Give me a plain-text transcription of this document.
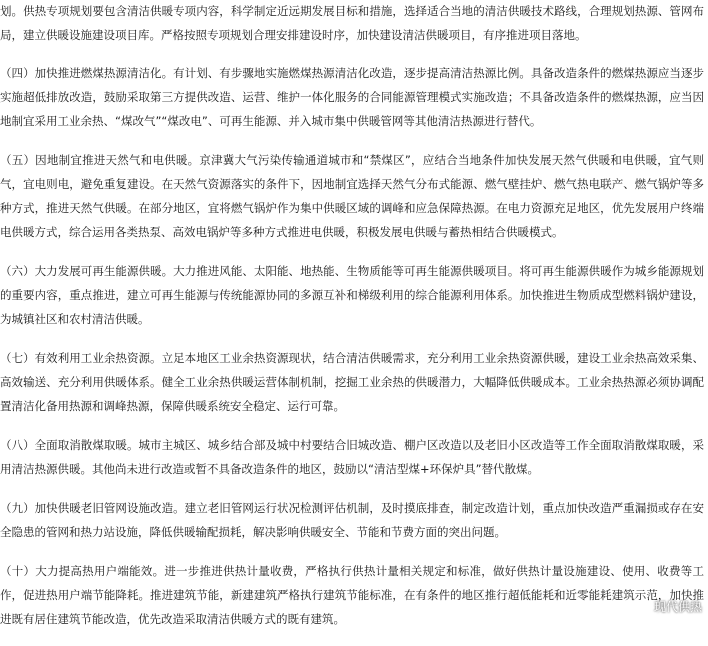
划。供热专项规划要包含清洁供暖专项内容，科学制定近远期发展目标和措施，选择适合当地的清洁供暖技术路线，合理规划热源、管网布局，建立供暖设施建设项目库。严格按照专项规划合理安排建设时序，加快建设清洁供暖项目，有序推进项目落地。

（四）加快推进燃煤热源清洁化。有计划、有步骤地实施燃煤热源清洁化改造，逐步提高清洁热源比例。具备改造条件的燃煤热源应当逐步实施超低排放改造，鼓励采取第三方提供改造、运营、维护一体化服务的合同能源管理模式实施改造；不具备改造条件的燃煤热源，应当因地制宜采用工业余热、“煤改气”“煤改电”、可再生能源、并入城市集中供暖管网等其他清洁热源进行替代。

（五）因地制宜推进天然气和电供暖。京津冀大气污染传输通道城市和“禁煤区”，应结合当地条件加快发展天然气供暖和电供暖，宜气则气，宜电则电，避免重复建设。在天然气资源落实的条件下，因地制宜选择天然气分布式能源、燃气壁挂炉、燃气热电联产、燃气锅炉等多种方式，推进天然气供暖。在部分地区，宜将燃气锅炉作为集中供暖区域的调峰和应急保障热源。在电力资源充足地区，优先发展用户终端电供暖方式，综合运用各类热泵、高效电锅炉等多种方式推进电供暖，积极发展电供暖与蓄热相结合供暖模式。

（六）大力发展可再生能源供暖。大力推进风能、太阳能、地热能、生物质能等可再生能源供暖项目。将可再生能源供暖作为城乡能源规划的重要内容，重点推进，建立可再生能源与传统能源协同的多源互补和梯级利用的综合能源利用体系。加快推进生物质成型燃料锅炉建设，为城镇社区和农村清洁供暖。

（七）有效利用工业余热资源。立足本地区工业余热资源现状，结合清洁供暖需求，充分利用工业余热资源供暖，建设工业余热高效采集、高效输送、充分利用供暖体系。健全工业余热供暖运营体制机制，挖掘工业余热的供暖潜力，大幅降低供暖成本。工业余热热源必须协调配置清洁化备用热源和调峰热源，保障供暖系统安全稳定、运行可靠。

（八）全面取消散煤取暖。城市主城区、城乡结合部及城中村要结合旧城改造、棚户区改造以及老旧小区改造等工作全面取消散煤取暖，采用清洁热源供暖。其他尚未进行改造或暂不具备改造条件的地区，鼓励以“清洁型煤+环保炉具”替代散煤。

（九）加快供暖老旧管网设施改造。建立老旧管网运行状况检测评估机制，及时摸底排查，制定改造计划，重点加快改造严重漏损或存在安全隐患的管网和热力站设施，降低供暖输配损耗，解决影响供暖安全、节能和节费方面的突出问题。

（十）大力提高热用户端能效。进一步推进供热计量收费，严格执行供热计量相关规定和标准，做好供热计量设施建设、使用、收费等工作，促进热用户端节能降耗。推进建筑节能，新建建筑严格执行建筑节能标准，在有条件的地区推行超低能耗和近零能耗建筑示范，加快推进既有居住建筑节能改造，优先改造采取清洁供暖方式的既有建筑。

现代供热
